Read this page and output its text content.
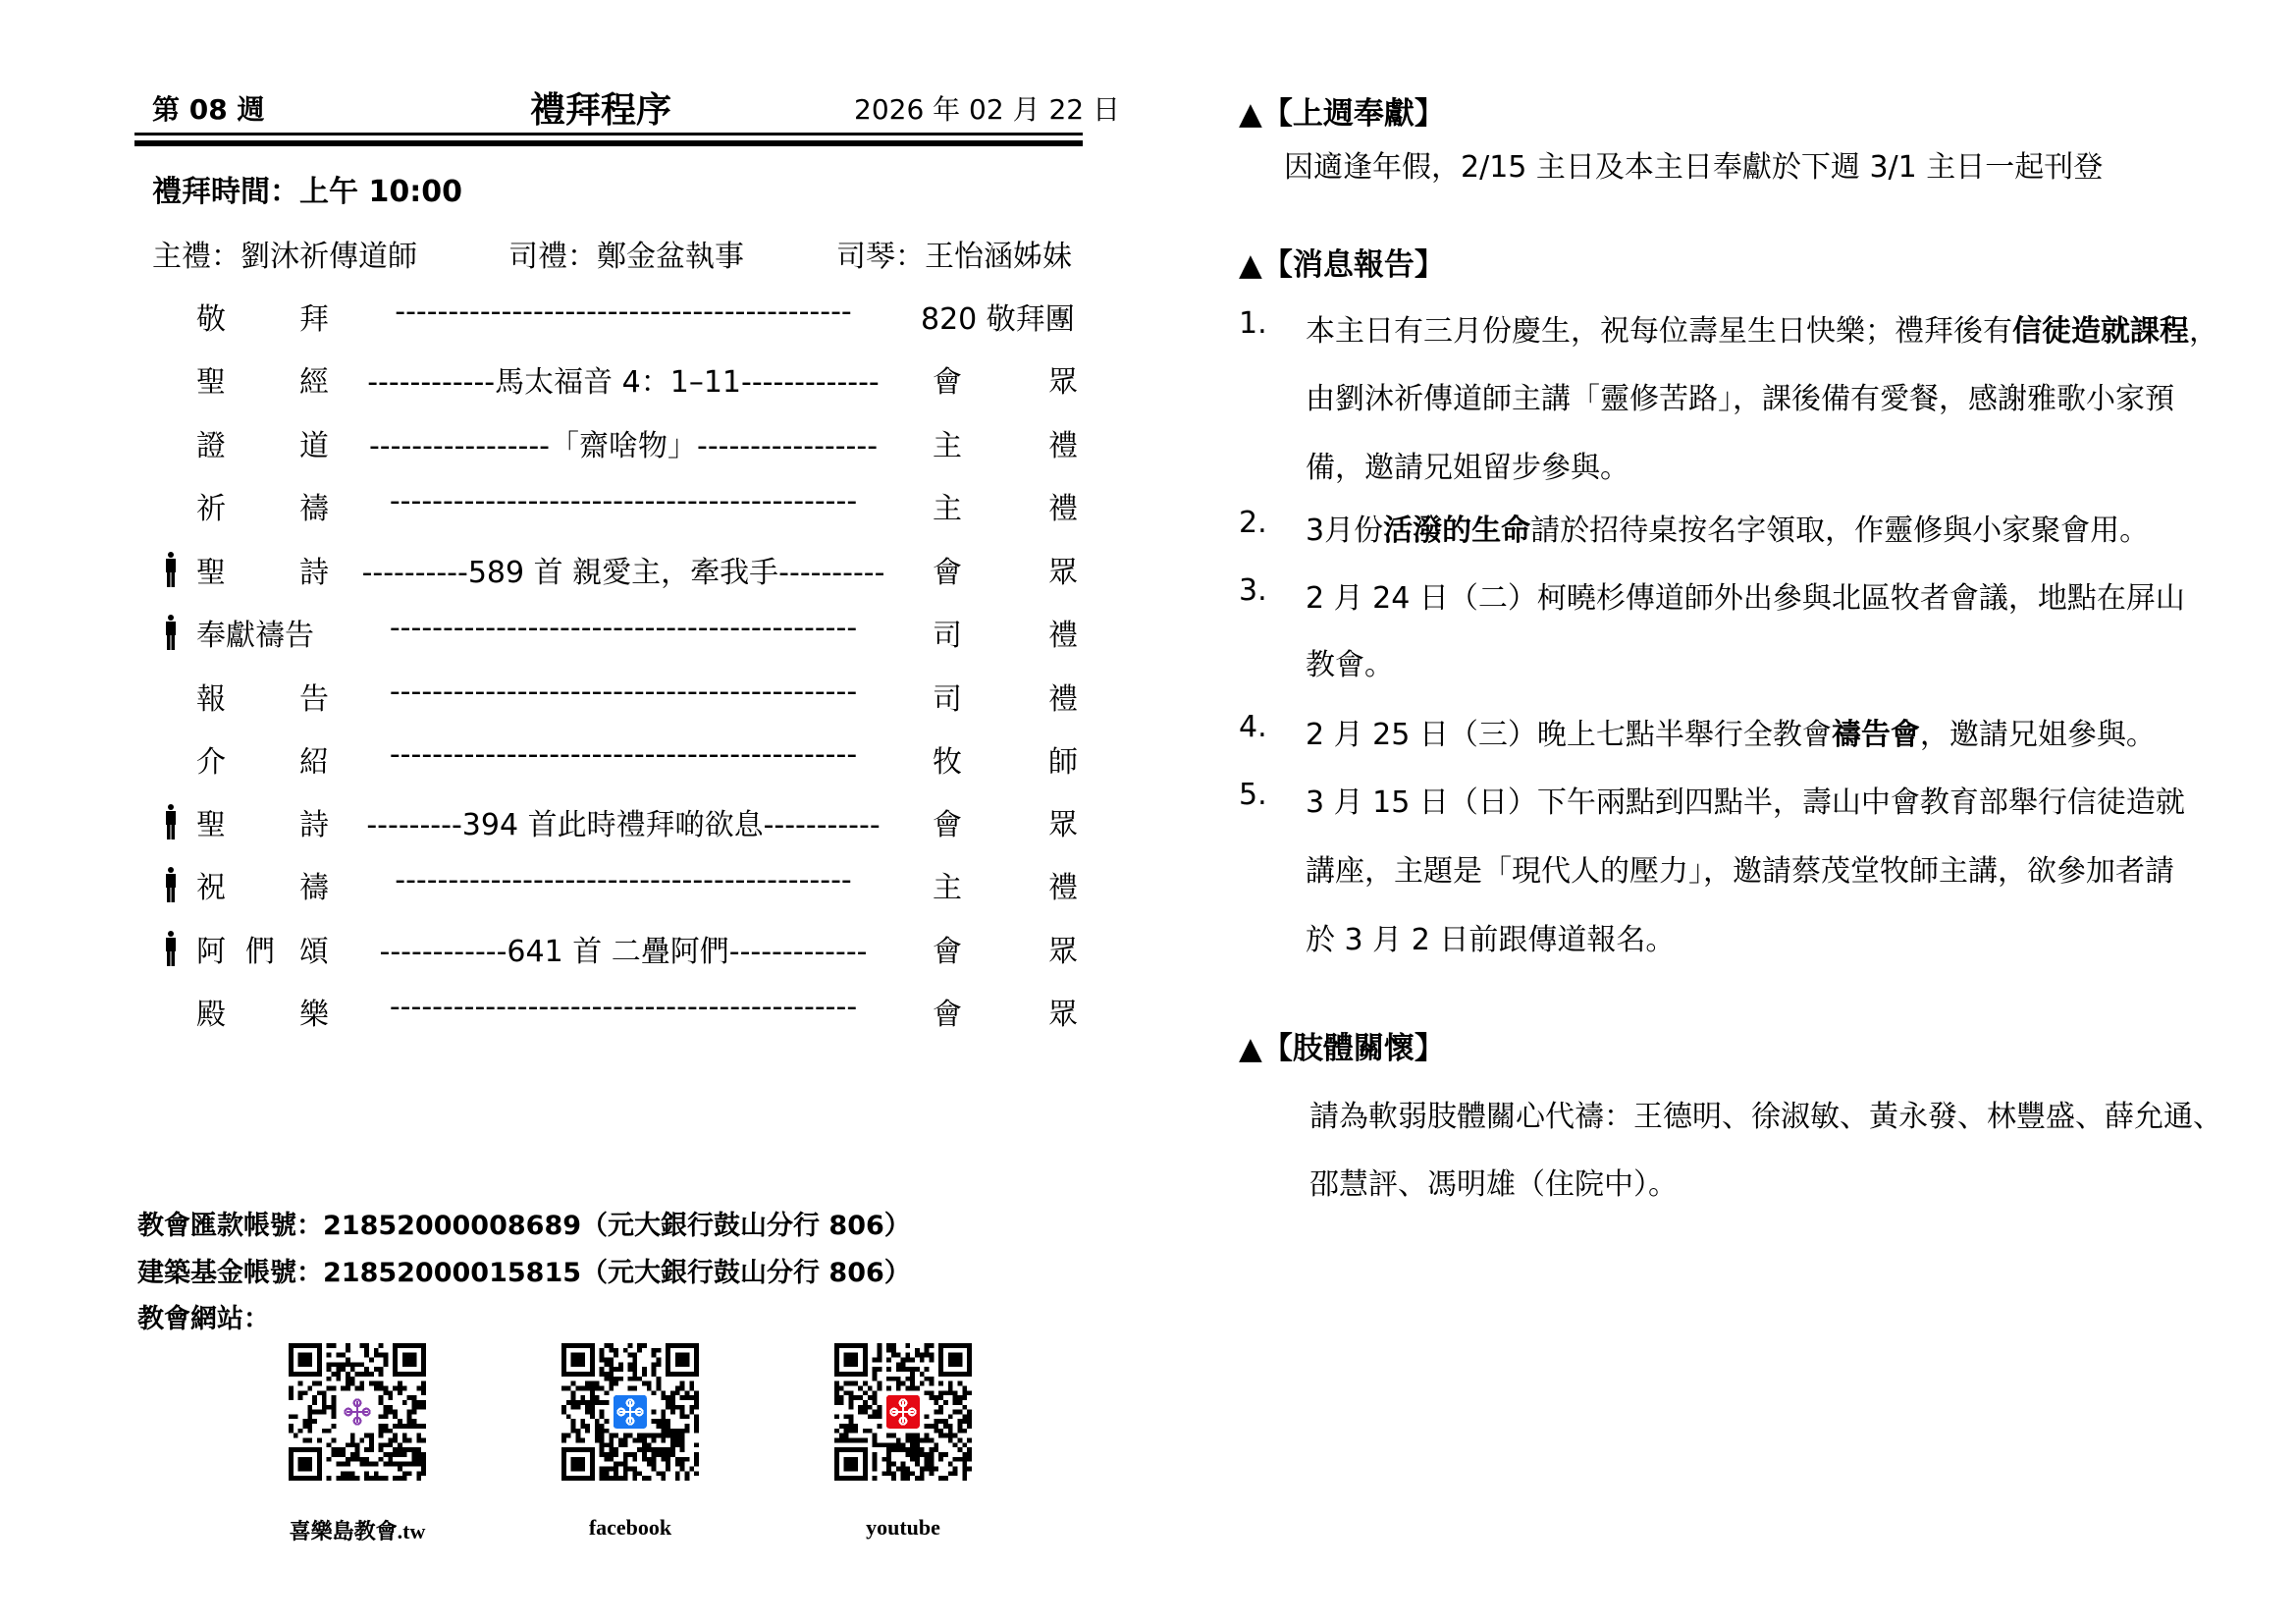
第 08 週	禮拜程序	2026 年 02 月 22 日
禮拜時間：上午 10:00
主禮：劉沐祈傳道師	司禮：鄭金盆執事	司琴：王怡涵姊妹
敬	拜	-------------------------------------------	820 敬拜團
聖	經	------------馬太福音 4：1–11-------------	會	眾
證	道	-----------------「齋啥物」-----------------	主	禮
祈	禱	--------------------------------------------	主	禮
聖	詩	----------589 首 親愛主，牽我手----------	會	眾
奉獻禱告	--------------------------------------------	司	禮
報	告	--------------------------------------------	司	禮
介	紹	--------------------------------------------	牧	師
聖	詩	---------394 首此時禮拜啲欲息-----------	會	眾
祝	禱	-------------------------------------------	主	禮
阿 們 頌	------------641 首 二疊阿們-------------	會	眾
殿	樂	--------------------------------------------	會	眾
教會匯款帳號：21852000008689（元大銀行鼓山分行 806）
建築基金帳號：21852000015815（元大銀行鼓山分行 806）
教會網站：
喜樂島教會.tw	facebook	youtube
▲【上週奉獻】
因適逢年假，2/15 主日及本主日奉獻於下週 3/1 主日一起刊登
▲【消息報告】
1. 本主日有三月份慶生，祝每位壽星生日快樂；禮拜後有信徒造就課程，
由劉沐祈傳道師主講「靈修苦路」，課後備有愛餐，感謝雅歌小家預
備，邀請兄姐留步參與。
2. 3月份活潑的生命請於招待桌按名字領取，作靈修與小家聚會用。
3. 2 月 24 日（二）柯曉杉傳道師外出參與北區牧者會議，地點在屏山
教會。
4. 2 月 25 日（三）晚上七點半舉行全教會禱告會，邀請兄姐參與。
5. 3 月 15 日（日）下午兩點到四點半，壽山中會教育部舉行信徒造就
講座，主題是「現代人的壓力」，邀請蔡茂堂牧師主講，欲參加者請
於 3 月 2 日前跟傳道報名。
▲【肢體關懷】
請為軟弱肢體關心代禱：王德明、徐淑敏、黃永發、林豐盛、薛允通、
邵慧評、馮明雄（住院中）。
